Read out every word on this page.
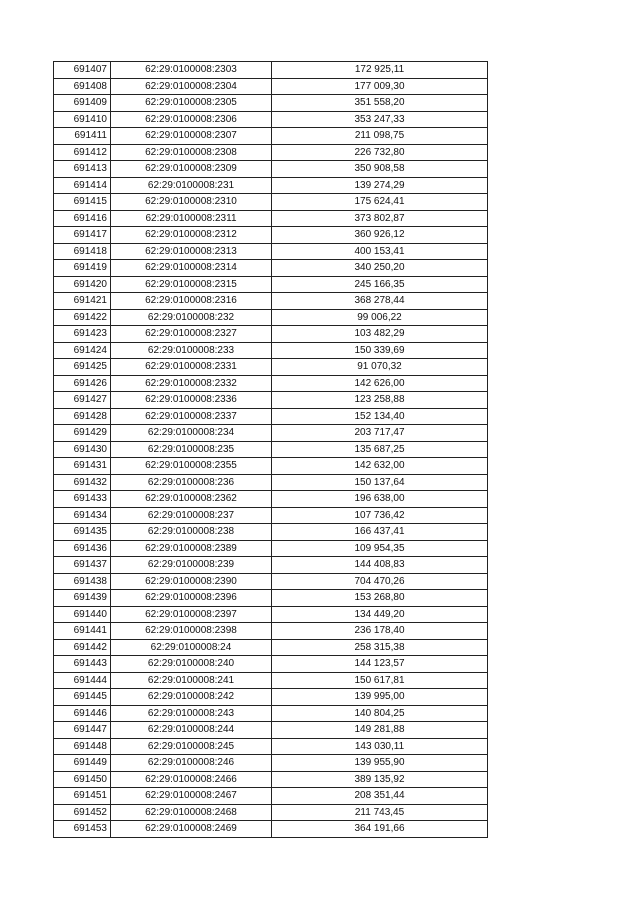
691407	62:29:0100008:2303	172 925,11
691408	62:29:0100008:2304	177 009,30
691409	62:29:0100008:2305	351 558,20
691410	62:29:0100008:2306	353 247,33
691411	62:29:0100008:2307	211 098,75
691412	62:29:0100008:2308	226 732,80
691413	62:29:0100008:2309	350 908,58
691414	62:29:0100008:231	139 274,29
691415	62:29:0100008:2310	175 624,41
691416	62:29:0100008:2311	373 802,87
691417	62:29:0100008:2312	360 926,12
691418	62:29:0100008:2313	400 153,41
691419	62:29:0100008:2314	340 250,20
691420	62:29:0100008:2315	245 166,35
691421	62:29:0100008:2316	368 278,44
691422	62:29:0100008:232	99 006,22
691423	62:29:0100008:2327	103 482,29
691424	62:29:0100008:233	150 339,69
691425	62:29:0100008:2331	91 070,32
691426	62:29:0100008:2332	142 626,00
691427	62:29:0100008:2336	123 258,88
691428	62:29:0100008:2337	152 134,40
691429	62:29:0100008:234	203 717,47
691430	62:29:0100008:235	135 687,25
691431	62:29:0100008:2355	142 632,00
691432	62:29:0100008:236	150 137,64
691433	62:29:0100008:2362	196 638,00
691434	62:29:0100008:237	107 736,42
691435	62:29:0100008:238	166 437,41
691436	62:29:0100008:2389	109 954,35
691437	62:29:0100008:239	144 408,83
691438	62:29:0100008:2390	704 470,26
691439	62:29:0100008:2396	153 268,80
691440	62:29:0100008:2397	134 449,20
691441	62:29:0100008:2398	236 178,40
691442	62:29:0100008:24	258 315,38
691443	62:29:0100008:240	144 123,57
691444	62:29:0100008:241	150 617,81
691445	62:29:0100008:242	139 995,00
691446	62:29:0100008:243	140 804,25
691447	62:29:0100008:244	149 281,88
691448	62:29:0100008:245	143 030,11
691449	62:29:0100008:246	139 955,90
691450	62:29:0100008:2466	389 135,92
691451	62:29:0100008:2467	208 351,44
691452	62:29:0100008:2468	211 743,45
691453	62:29:0100008:2469	364 191,66
